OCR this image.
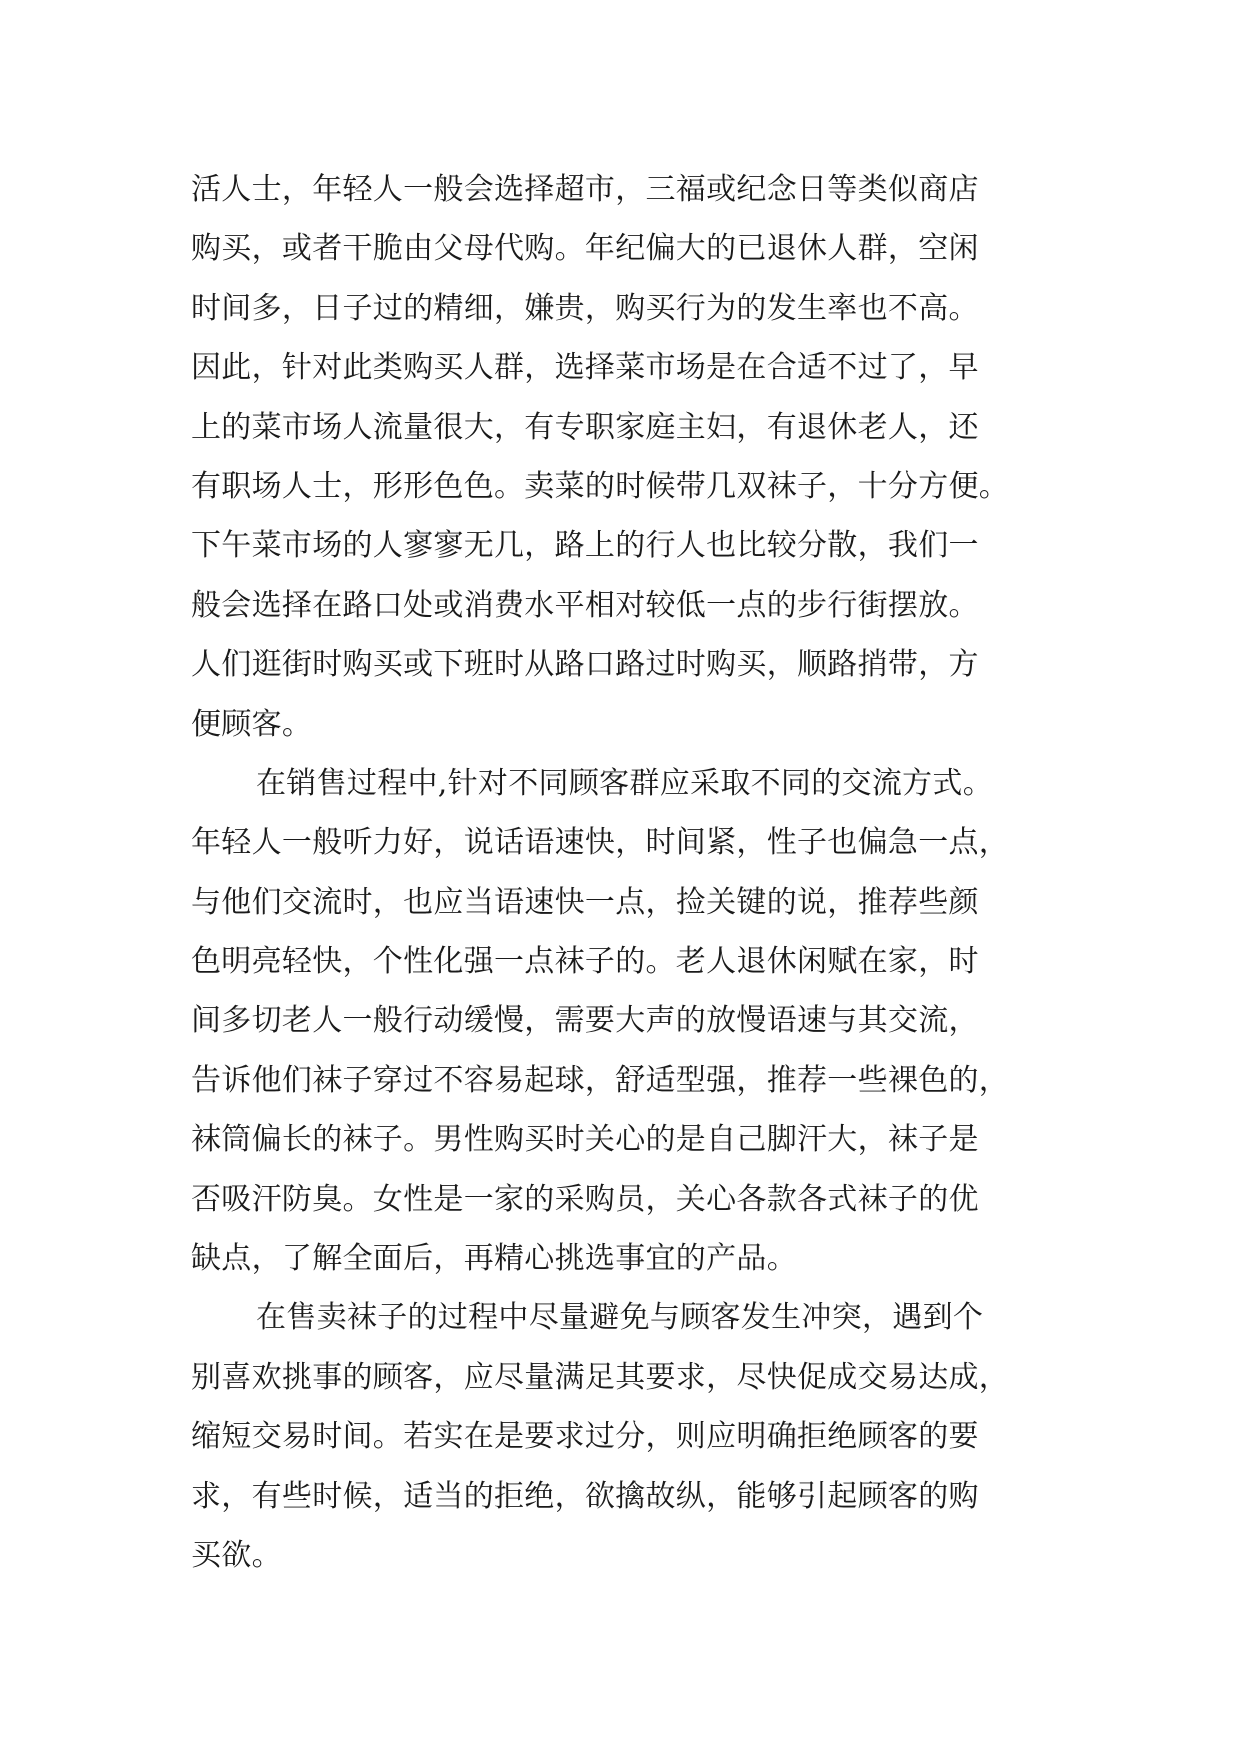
活人士，年轻人一般会选择超市，三福或纪念日等类似商店
购买，或者干脆由父母代购。年纪偏大的已退休人群，空闲
时间多，日子过的精细，嫌贵，购买行为的发生率也不高。
因此，针对此类购买人群，选择菜市场是在合适不过了，早
上的菜市场人流量很大，有专职家庭主妇，有退休老人，还
有职场人士，形形色色。卖菜的时候带几双袜子，十分方便。
下午菜市场的人寥寥无几，路上的行人也比较分散，我们一
般会选择在路口处或消费水平相对较低一点的步行街摆放。
人们逛街时购买或下班时从路口路过时购买，顺路捎带，方
便顾客。
在销售过程中,针对不同顾客群应采取不同的交流方式。
年轻人一般听力好，说话语速快，时间紧，性子也偏急一点，
与他们交流时，也应当语速快一点，捡关键的说，推荐些颜
色明亮轻快，个性化强一点袜子的。老人退休闲赋在家，时
间多切老人一般行动缓慢，需要大声的放慢语速与其交流，
告诉他们袜子穿过不容易起球，舒适型强，推荐一些裸色的，
袜筒偏长的袜子。男性购买时关心的是自己脚汗大，袜子是
否吸汗防臭。女性是一家的采购员，关心各款各式袜子的优
缺点，了解全面后，再精心挑选事宜的产品。
在售卖袜子的过程中尽量避免与顾客发生冲突，遇到个
别喜欢挑事的顾客，应尽量满足其要求，尽快促成交易达成，
缩短交易时间。若实在是要求过分，则应明确拒绝顾客的要
求，有些时候，适当的拒绝，欲擒故纵，能够引起顾客的购
买欲。
